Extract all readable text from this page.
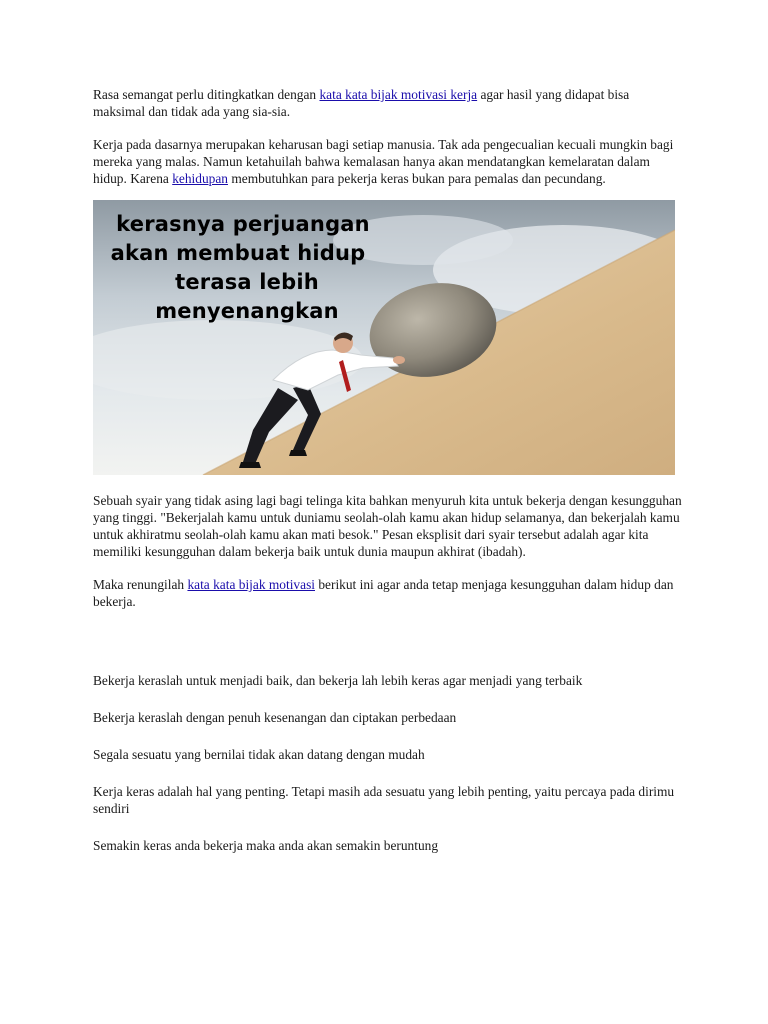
Rasa semangat perlu ditingkatkan dengan kata kata bijak motivasi kerja agar hasil yang didapat bisa maksimal dan tidak ada yang sia-sia.

Kerja pada dasarnya merupakan keharusan bagi setiap manusia. Tak ada pengecualian kecuali mungkin bagi mereka yang malas. Namun ketahuilah bahwa kemalasan hanya akan mendatangkan kemelaratan dalam hidup. Karena kehidupan membutuhkan para pekerja keras bukan para pemalas dan pecundang.

kerasnya perjuangan
akan membuat hidup
terasa lebih menyenangkan

Sebuah syair yang tidak asing lagi bagi telinga kita bahkan menyuruh kita untuk bekerja dengan kesungguhan yang tinggi. "Bekerjalah kamu untuk duniamu seolah-olah kamu akan hidup selamanya, dan bekerjalah kamu untuk akhiratmu seolah-olah kamu akan mati besok." Pesan eksplisit dari syair tersebut adalah agar kita memiliki kesungguhan dalam bekerja baik untuk dunia maupun akhirat (ibadah).

Maka renungilah kata kata bijak motivasi berikut ini agar anda tetap menjaga kesungguhan dalam hidup dan bekerja.

Bekerja keraslah untuk menjadi baik, dan bekerja lah lebih keras agar menjadi yang terbaik

Bekerja keraslah dengan penuh kesenangan dan ciptakan perbedaan

Segala sesuatu yang bernilai tidak akan datang dengan mudah

Kerja keras adalah hal yang penting. Tetapi masih ada sesuatu yang lebih penting, yaitu percaya pada dirimu sendiri

Semakin keras anda bekerja maka anda akan semakin beruntung
